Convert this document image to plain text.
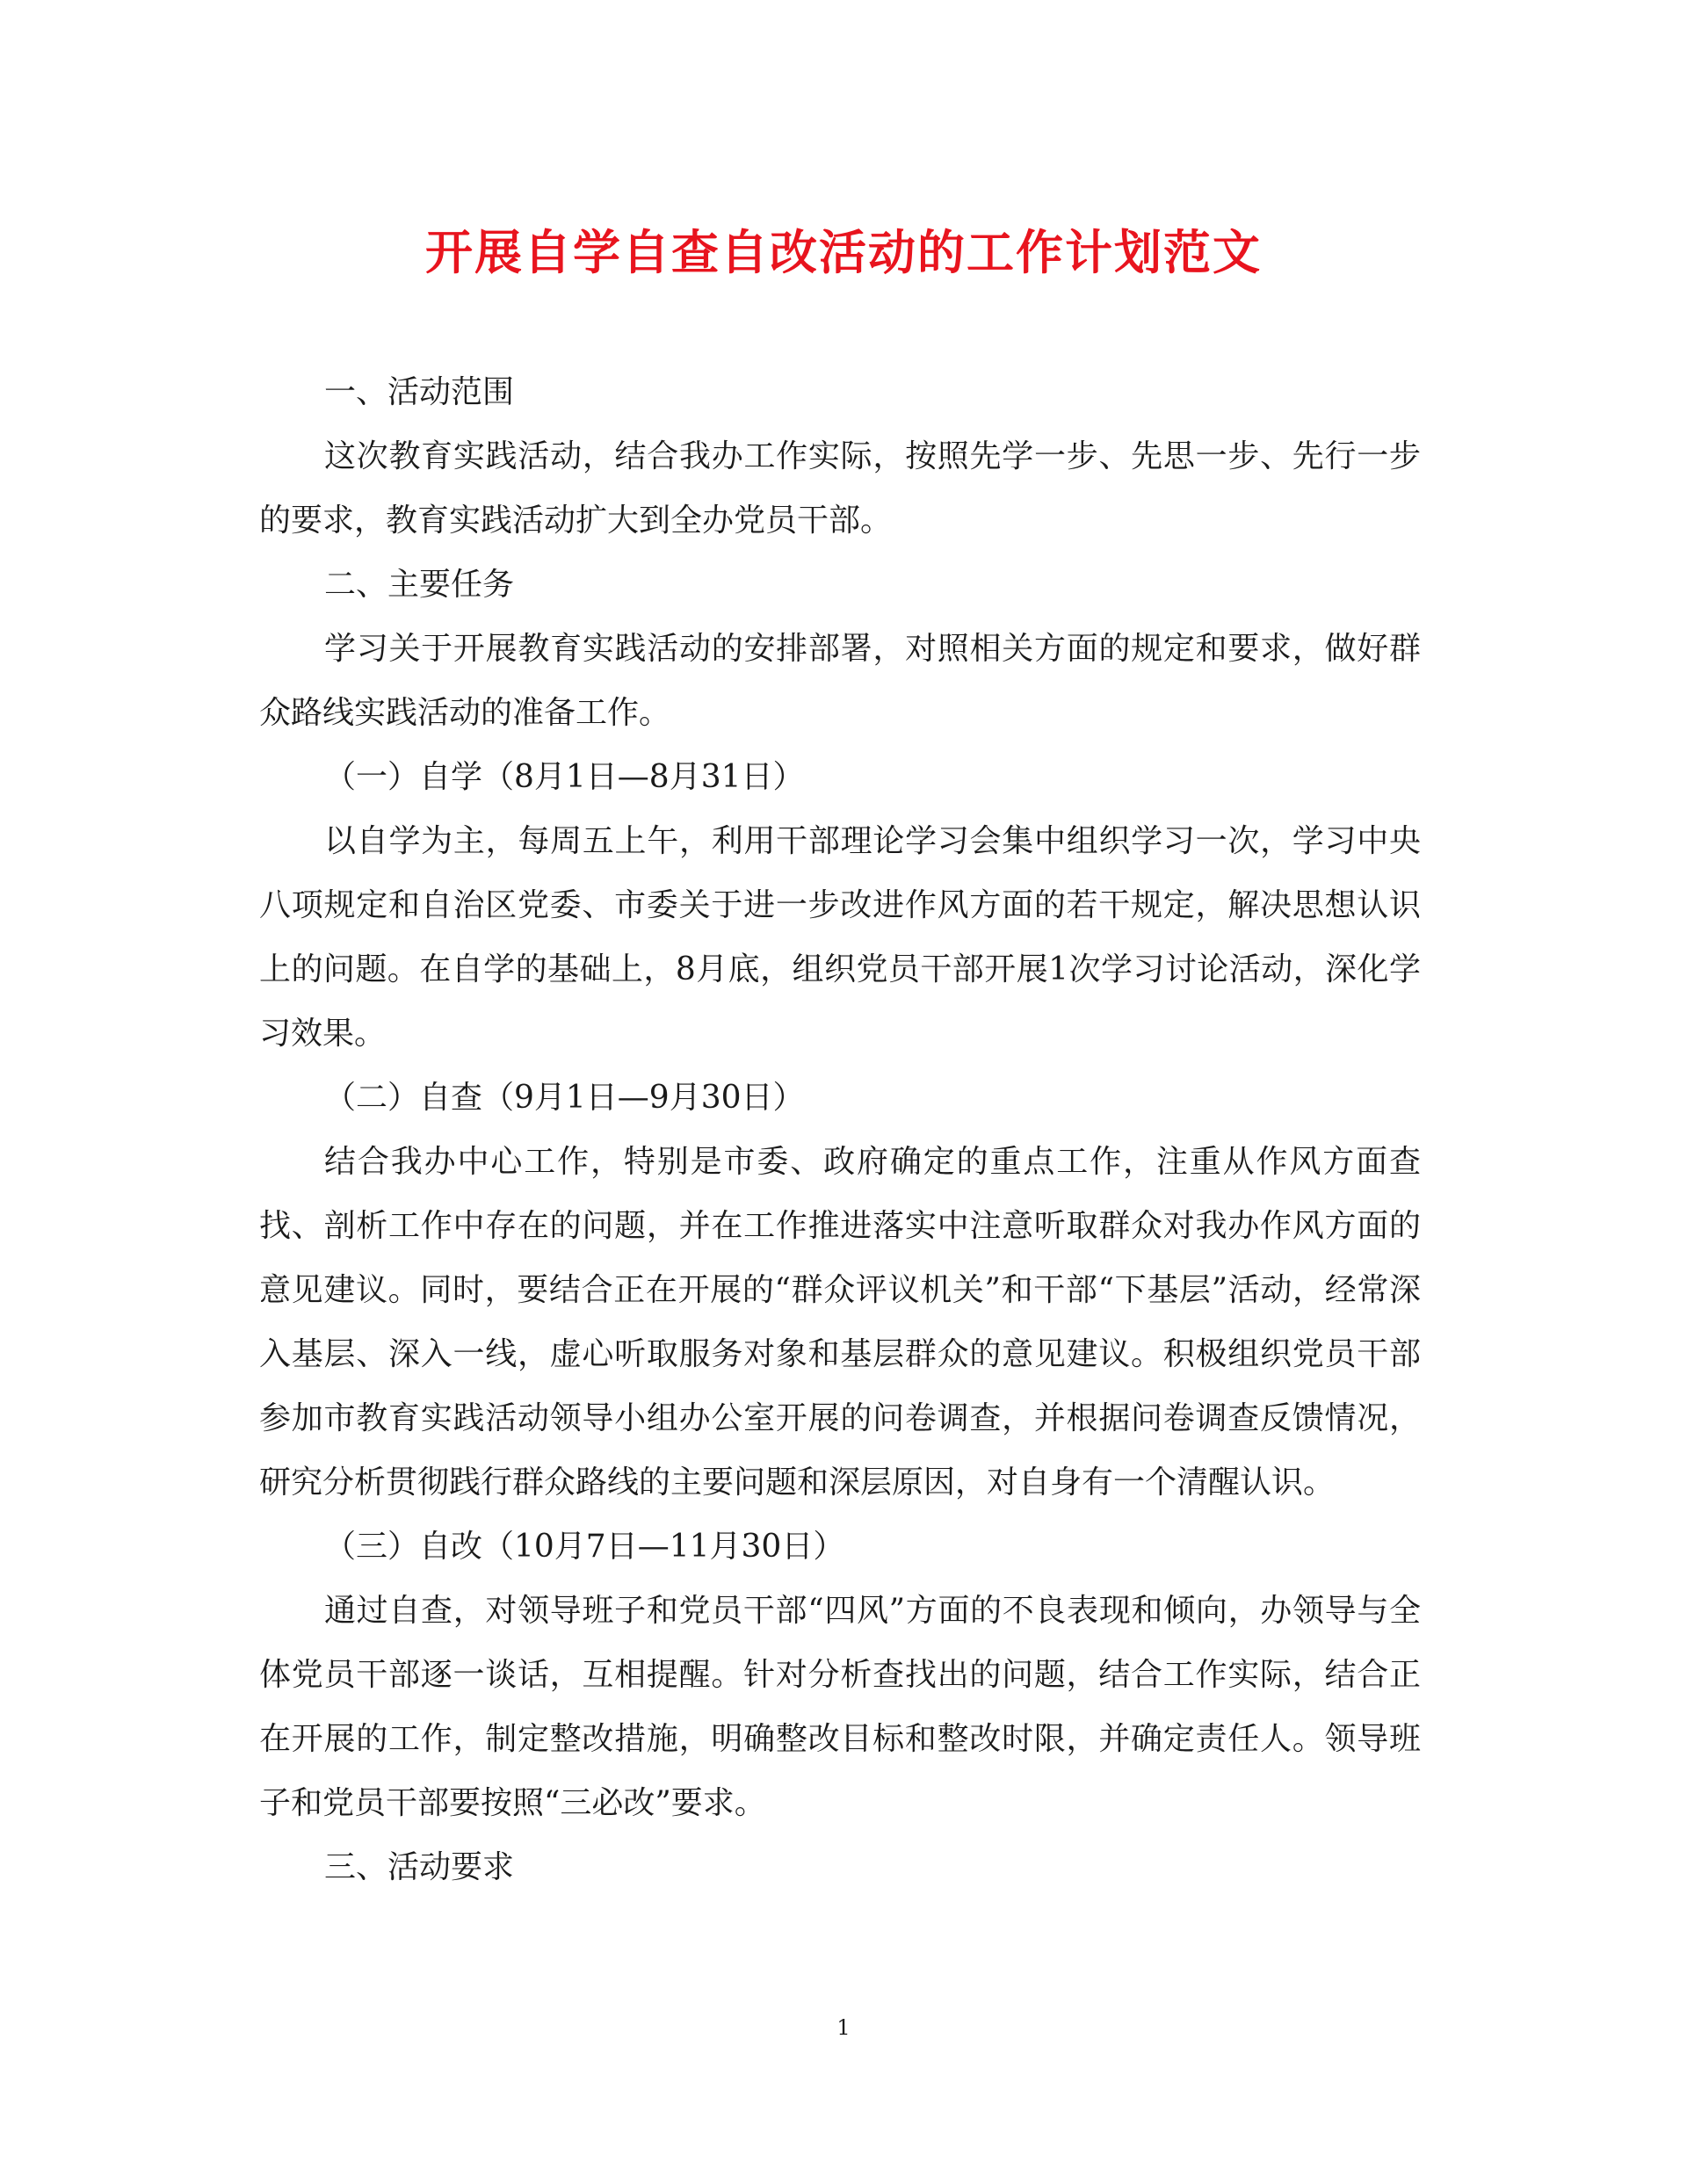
开展自学自查自改活动的工作计划范文

一、活动范围

这次教育实践活动，结合我办工作实际，按照先学一步、先思一步、先行一步的要求，教育实践活动扩大到全办党员干部。

二、主要任务

学习关于开展教育实践活动的安排部署，对照相关方面的规定和要求，做好群众路线实践活动的准备工作。

（一）自学（8月1日—8月31日）

以自学为主，每周五上午，利用干部理论学习会集中组织学习一次，学习中央八项规定和自治区党委、市委关于进一步改进作风方面的若干规定，解决思想认识上的问题。在自学的基础上，8月底，组织党员干部开展1次学习讨论活动，深化学习效果。

（二）自查（9月1日—9月30日）

结合我办中心工作，特别是市委、政府确定的重点工作，注重从作风方面查找、剖析工作中存在的问题，并在工作推进落实中注意听取群众对我办作风方面的意见建议。同时，要结合正在开展的“群众评议机关”和干部“下基层”活动，经常深入基层、深入一线，虚心听取服务对象和基层群众的意见建议。积极组织党员干部参加市教育实践活动领导小组办公室开展的问卷调查，并根据问卷调查反馈情况，研究分析贯彻践行群众路线的主要问题和深层原因，对自身有一个清醒认识。

（三）自改（10月7日—11月30日）

通过自查，对领导班子和党员干部“四风”方面的不良表现和倾向，办领导与全体党员干部逐一谈话，互相提醒。针对分析查找出的问题，结合工作实际，结合正在开展的工作，制定整改措施，明确整改目标和整改时限，并确定责任人。领导班子和党员干部要按照“三必改”要求。

三、活动要求

1
